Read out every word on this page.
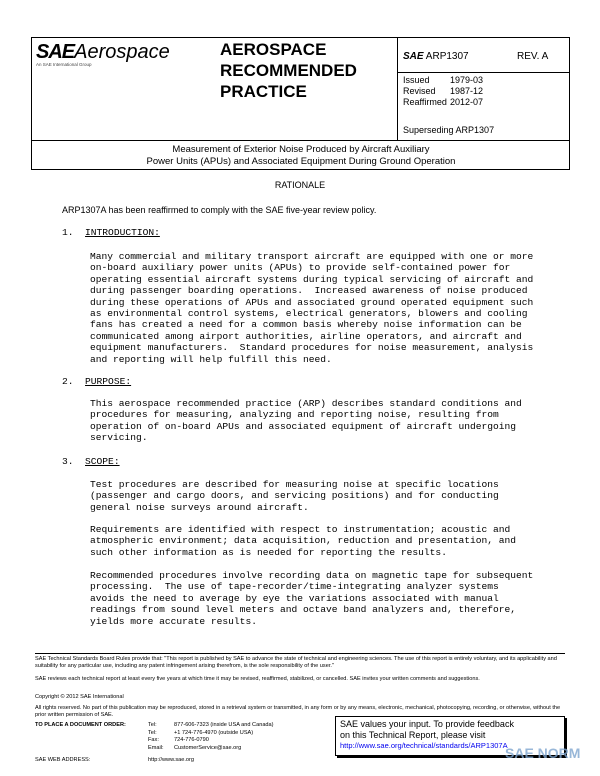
SAEAerospace
An SAE International Group
AEROSPACE
RECOMMENDED
PRACTICE
SAE ARP1307	REV. A
Issued 1979-03
Revised 1987-12
Reaffirmed 2012-07
Superseding ARP1307
Measurement of Exterior Noise Produced by Aircraft Auxiliary
Power Units (APUs) and Associated Equipment During Ground Operation
RATIONALE
ARP1307A has been reaffirmed to comply with the SAE five-year review policy.
1. INTRODUCTION:
Many commercial and military transport aircraft are equipped with one or more
on-board auxiliary power units (APUs) to provide self-contained power for
operating essential aircraft systems during typical servicing of aircraft and
during passenger boarding operations.  Increased awareness of noise produced
during these operations of APUs and associated ground operated equipment such
as environmental control systems, electrical generators, blowers and cooling
fans has created a need for a common basis whereby noise information can be
communicated among airport authorities, airline operators, and aircraft and
equipment manufacturers.  Standard procedures for noise measurement, analysis
and reporting will help fulfill this need.
2. PURPOSE:
This aerospace recommended practice (ARP) describes standard conditions and
procedures for measuring, analyzing and reporting noise, resulting from
operation of on-board APUs and associated equipment of aircraft undergoing
servicing.
3. SCOPE:
Test procedures are described for measuring noise at specific locations
(passenger and cargo doors, and servicing positions) and for conducting
general noise surveys around aircraft.
Requirements are identified with respect to instrumentation; acoustic and
atmospheric environment; data acquisition, reduction and presentation, and
such other information as is needed for reporting the results.
Recommended procedures involve recording data on magnetic tape for subsequent
processing.  The use of tape-recorder/time-integrating analyzer systems
avoids the need to average by eye the variations associated with manual
readings from sound level meters and octave band analyzers and, therefore,
yields more accurate results.
SAE Technical Standards Board Rules provide that: "This report is published by SAE to advance the state of technical and engineering sciences. The use of this report is entirely voluntary, and its applicability and suitability for any particular use, including any patent infringement arising therefrom, is the sole responsibility of the user."
SAE reviews each technical report at least every five years at which time it may be revised, reaffirmed, stabilized, or cancelled. SAE invites your written comments and suggestions.
Copyright © 2012 SAE International
All rights reserved. No part of this publication may be reproduced, stored in a retrieval system or transmitted, in any form or by any means, electronic, mechanical, photocopying, recording, or otherwise, without the prior written permission of SAE.
TO PLACE A DOCUMENT ORDER:	Tel:	877-606-7323 (inside USA and Canada)
Tel:	+1 724-776-4970 (outside USA)
Fax:	724-776-0790
Email: CustomerService@sae.org
SAE WEB ADDRESS:	http://www.sae.org
SAE values your input. To provide feedback
on this Technical Report, please visit
http://www.sae.org/technical/standards/ARP1307A
SAE NORM
